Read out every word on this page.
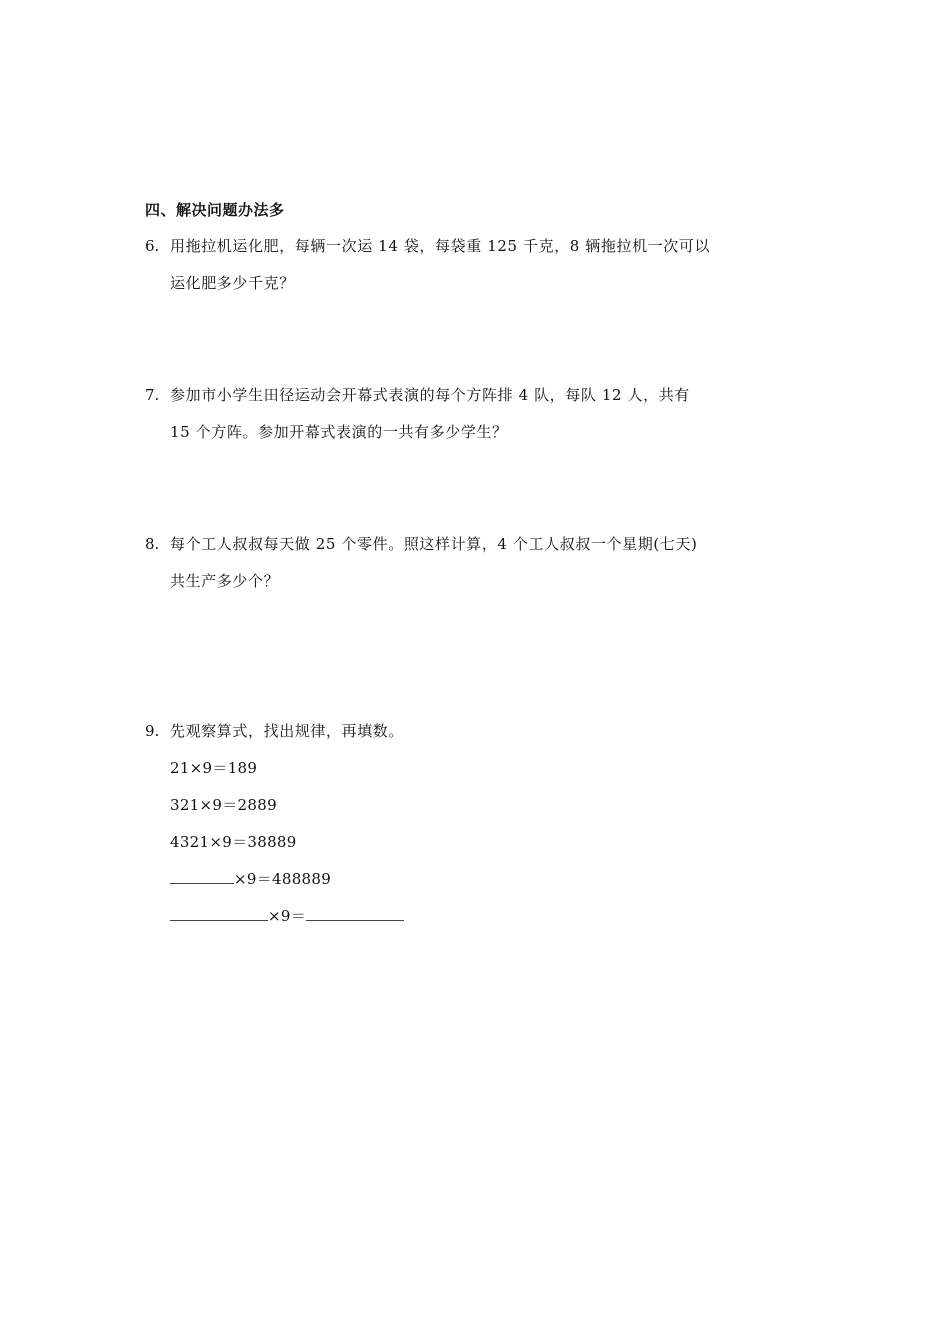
四、解决问题办法多
6. 用拖拉机运化肥，每辆一次运 14 袋，每袋重 125 千克，8 辆拖拉机一次可以
运化肥多少千克？
7. 参加市小学生田径运动会开幕式表演的每个方阵排 4 队，每队 12 人，共有
15 个方阵。参加开幕式表演的一共有多少学生？
8. 每个工人叔叔每天做 25 个零件。照这样计算，4 个工人叔叔一个星期(七天)
共生产多少个？
9. 先观察算式，找出规律，再填数。
21×9＝189
321×9＝2889
4321×9＝38889
×9＝488889
×9＝
